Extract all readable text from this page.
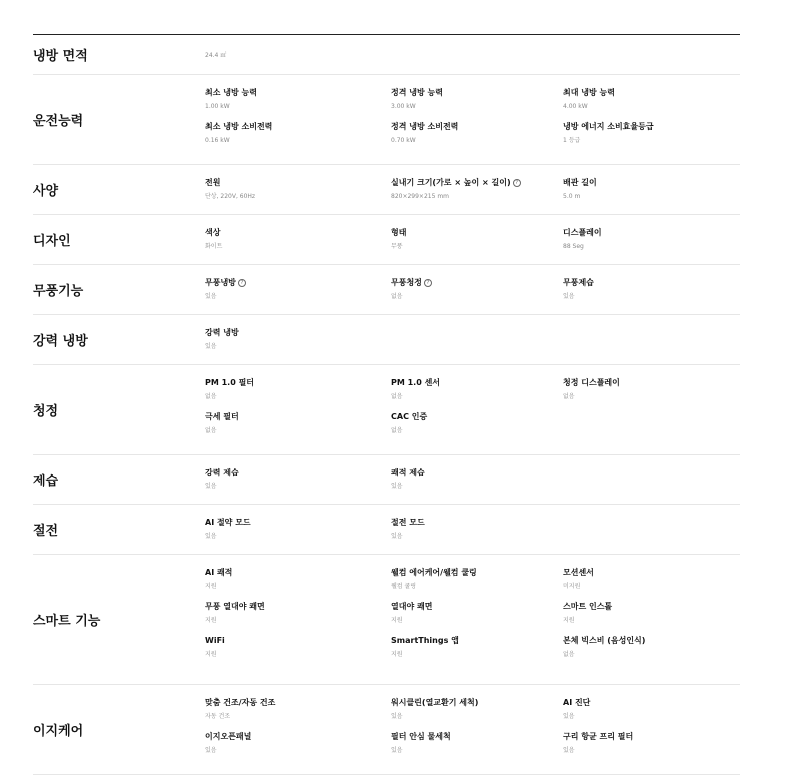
냉방 면적	24.4 ㎡
운전능력
최소 냉방 능력
1.00 kW
정격 냉방 능력
3.00 kW
최대 냉방 능력
4.00 kW
최소 냉방 소비전력
0.16 kW
정격 냉방 소비전력
0.70 kW
냉방 에너지 소비효율등급
1 등급
사양
전원
단상, 220V, 60Hz
실내기 크기(가로 × 높이 × 길이) ?
820×299×215 mm
배관 길이
5.0 m
디자인
색상
화이트
형태
무풍
디스플레이
88 Seg
무풍기능
무풍냉방 ?
있음
무풍청정 ?
없음
무풍제습
있음
강력 냉방
강력 냉방
있음
청정
PM 1.0 필터
없음
PM 1.0 센서
없음
청정 디스플레이
없음
극세 필터
없음
CAC 인증
없음
제습
강력 제습
있음
쾌적 제습
있음
절전
AI 절약 모드
있음
절전 모드
있음
스마트 기능
AI 쾌적
지원
웰컴 에어케어/웰컴 쿨링
웰컴 쿨링
모션센서
미지원
무풍 열대야 쾌면
지원
열대야 쾌면
지원
스마트 인스톨
지원
WiFi
지원
SmartThings 앱
지원
본체 빅스비 (음성인식)
없음
이지케어
맞춤 건조/자동 건조
자동 건조
워시클린(열교환기 세척)
있음
AI 진단
있음
이지오픈패널
있음
필터 안심 물세척
있음
구리 항균 프리 필터
있음
